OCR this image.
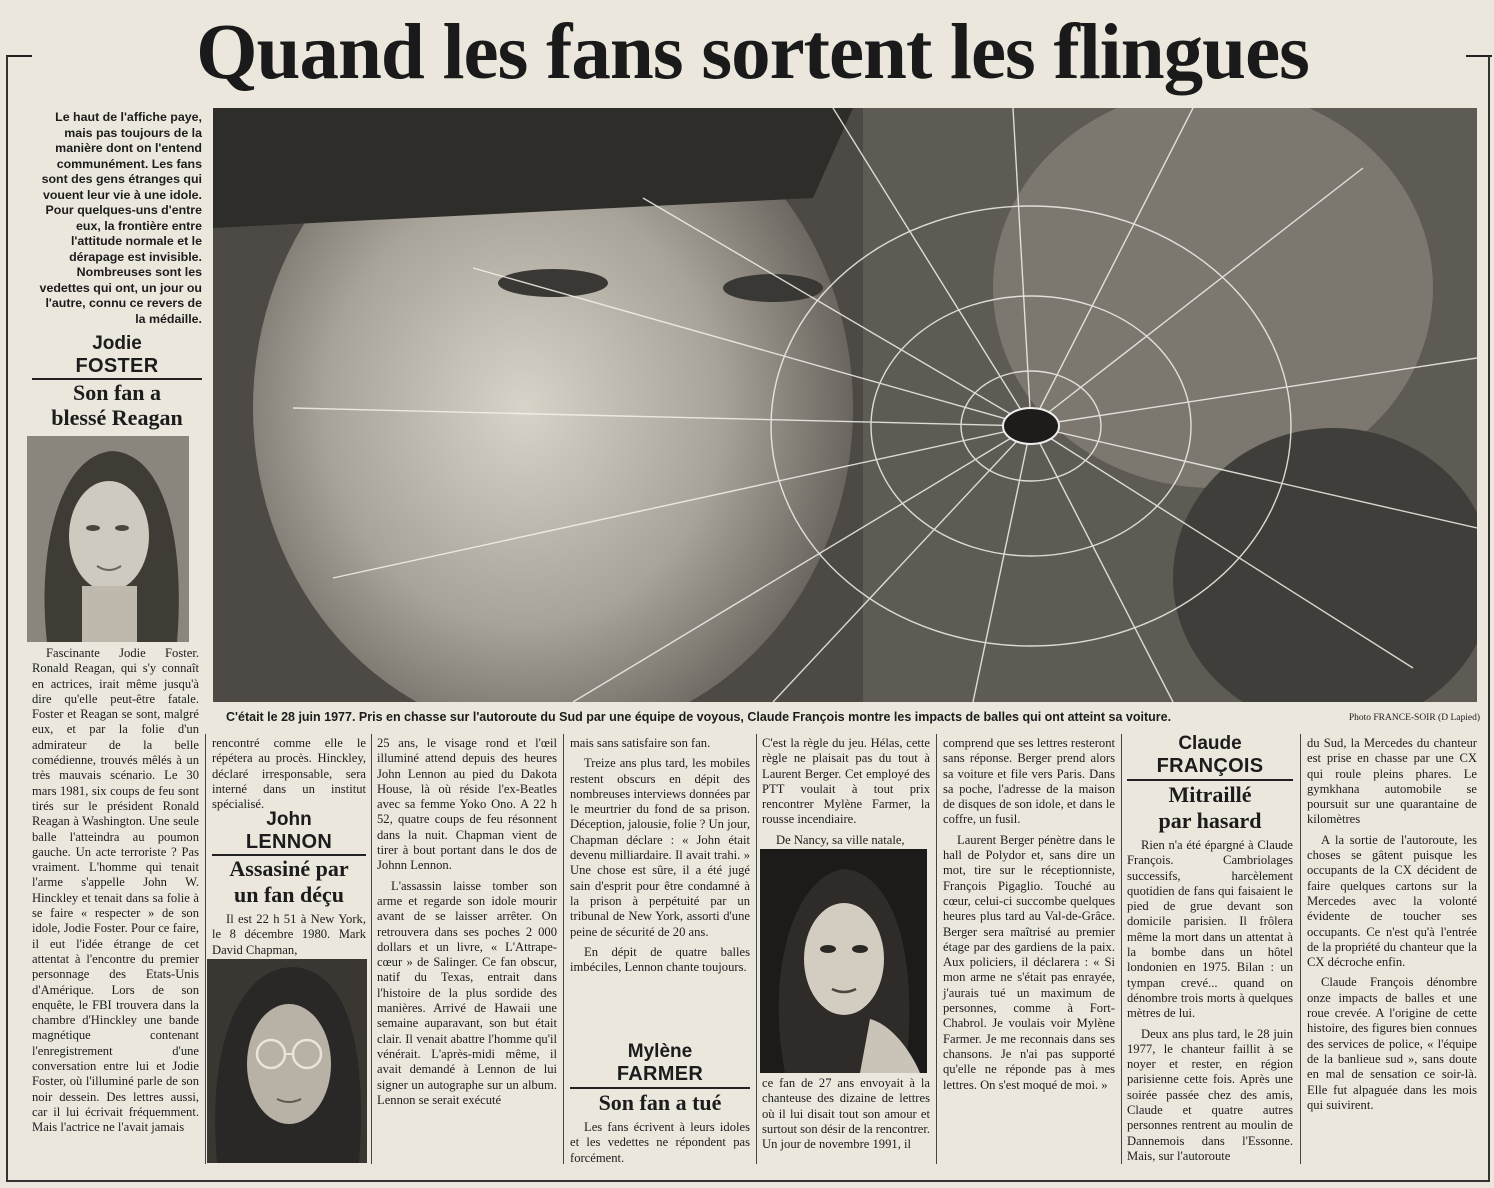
Quand les fans sortent les flingues
Le haut de l'affiche paye, mais pas toujours de la manière dont on l'entend communément. Les fans sont des gens étranges qui vouent leur vie à une idole. Pour quelques-uns d'entre eux, la frontière entre l'attitude normale et le dérapage est invisible. Nombreuses sont les vedettes qui ont, un jour ou l'autre, connu ce revers de la médaille.
C'était le 28 juin 1977. Pris en chasse sur l'autoroute du Sud par une équipe de voyous, Claude François montre les impacts de balles qui ont atteint sa voiture.	Photo FRANCE-SOIR (D Lapied)
Jodie
FOSTER
Son fan a
blessé Reagan

Fascinante Jodie Foster. Ronald Reagan, qui s'y connaît en actrices, irait même jusqu'à dire qu'elle peut-être fatale. Foster et Reagan se sont, malgré eux, et par la folie d'un admirateur de la belle comédienne, trouvés mêlés à un très mauvais scénario. Le 30 mars 1981, six coups de feu sont tirés sur le président Ronald Reagan à Washington. Une seule balle l'atteindra au poumon gauche. Un acte terroriste ? Pas vraiment. L'homme qui tenait l'arme s'appelle John W. Hinckley et tenait dans sa folie à se faire « respecter » de son idole, Jodie Foster. Pour ce faire, il eut l'idée étrange de cet attentat à l'encontre du premier personnage des Etats-Unis d'Amérique. Lors de son enquête, le FBI trouvera dans la chambre d'Hinckley une bande magnétique contenant l'enregistrement d'une conversation entre lui et Jodie Foster, où l'illuminé parle de son noir dessein. Des lettres aussi, car il lui écrivait fréquemment. Mais l'actrice ne l'avait jamais

rencontré comme elle le répétera au procès. Hinckley, déclaré irresponsable, sera interné dans un institut spécialisé.

John
LENNON
Assasiné par
un fan déçu

Il est 22 h 51 à New York, le 8 décembre 1980. Mark David Chapman,

25 ans, le visage rond et l'œil illuminé attend depuis des heures John Lennon au pied du Dakota House, là où réside l'ex-Beatles avec sa femme Yoko Ono. A 22 h 52, quatre coups de feu résonnent dans la nuit. Chapman vient de tirer à bout portant dans le dos de Johnn Lennon.

L'assassin laisse tomber son arme et regarde son idole mourir avant de se laisser arrêter. On retrouvera dans ses poches 2 000 dollars et un livre, « L'Attrape-cœur » de Salinger. Ce fan obscur, natif du Texas, entrait dans l'histoire de la plus sordide des manières. Arrivé de Hawaii une semaine auparavant, son but était clair. Il venait abattre l'homme qu'il vénérait. L'après-midi même, il avait demandé à Lennon de lui signer un autographe sur un album. Lennon se serait exécuté

mais sans satisfaire son fan.

Treize ans plus tard, les mobiles restent obscurs en dépit des nombreuses interviews données par le meurtrier du fond de sa prison. Déception, jalousie, folie ? Un jour, Chapman déclare : « John était devenu milliardaire. Il avait trahi. » Une chose est sûre, il a été jugé sain d'esprit pour être condamné à la prison à perpétuité par un tribunal de New York, assorti d'une peine de sécurité de 20 ans.

En dépit de quatre balles imbéciles, Lennon chante toujours.

Mylène
FARMER
Son fan a tué

Les fans écrivent à leurs idoles et les vedettes ne répondent pas forcément.

C'est la règle du jeu. Hélas, cette règle ne plaisait pas du tout à Laurent Berger. Cet employé des PTT voulait à tout prix rencontrer Mylène Farmer, la rousse incendiaire.

De Nancy, sa ville natale,

ce fan de 27 ans envoyait à la chanteuse des dizaine de lettres où il lui disait tout son amour et surtout son désir de la rencontrer. Un jour de novembre 1991, il

comprend que ses lettres resteront sans réponse. Berger prend alors sa voiture et file vers Paris. Dans sa poche, l'adresse de la maison de disques de son idole, et dans le coffre, un fusil.

Laurent Berger pénètre dans le hall de Polydor et, sans dire un mot, tire sur le réceptionniste, François Pigaglio. Touché au cœur, celui-ci succombe quelques heures plus tard au Val-de-Grâce. Berger sera maîtrisé au premier étage par des gardiens de la paix. Aux policiers, il déclarera : « Si mon arme ne s'était pas enrayée, j'aurais tué un maximum de personnes, comme à Fort-Chabrol. Je voulais voir Mylène Farmer. Je me reconnais dans ses chansons. Je n'ai pas supporté qu'elle ne réponde pas à mes lettres. On s'est moqué de moi. »

Claude
FRANÇOIS
Mitraillé
par hasard

Rien n'a été épargné à Claude François. Cambriolages successifs, harcèlement quotidien de fans qui faisaient le pied de grue devant son domicile parisien. Il frôlera même la mort dans un attentat à la bombe dans un hôtel londonien en 1975. Bilan : un tympan crevé... quand on dénombre trois morts à quelques mètres de lui.

Deux ans plus tard, le 28 juin 1977, le chanteur faillit à se noyer et rester, en région parisienne cette fois. Après une soirée passée chez des amis, Claude et quatre autres personnes rentrent au moulin de Dannemois dans l'Essonne. Mais, sur l'autoroute

du Sud, la Mercedes du chanteur est prise en chasse par une CX qui roule pleins phares. Le gymkhana automobile se poursuit sur une quarantaine de kilomètres

A la sortie de l'autoroute, les choses se gâtent puisque les occupants de la CX décident de faire quelques cartons sur la Mercedes avec la volonté évidente de toucher ses occupants. Ce n'est qu'à l'entrée de la propriété du chanteur que la CX décroche enfin.

Claude François dénombre onze impacts de balles et une roue crevée. A l'origine de cette histoire, des figures bien connues des services de police, « l'équipe de la banlieue sud », sans doute en mal de sensation ce soir-là. Elle fut alpaguée dans les mois qui suivirent.
